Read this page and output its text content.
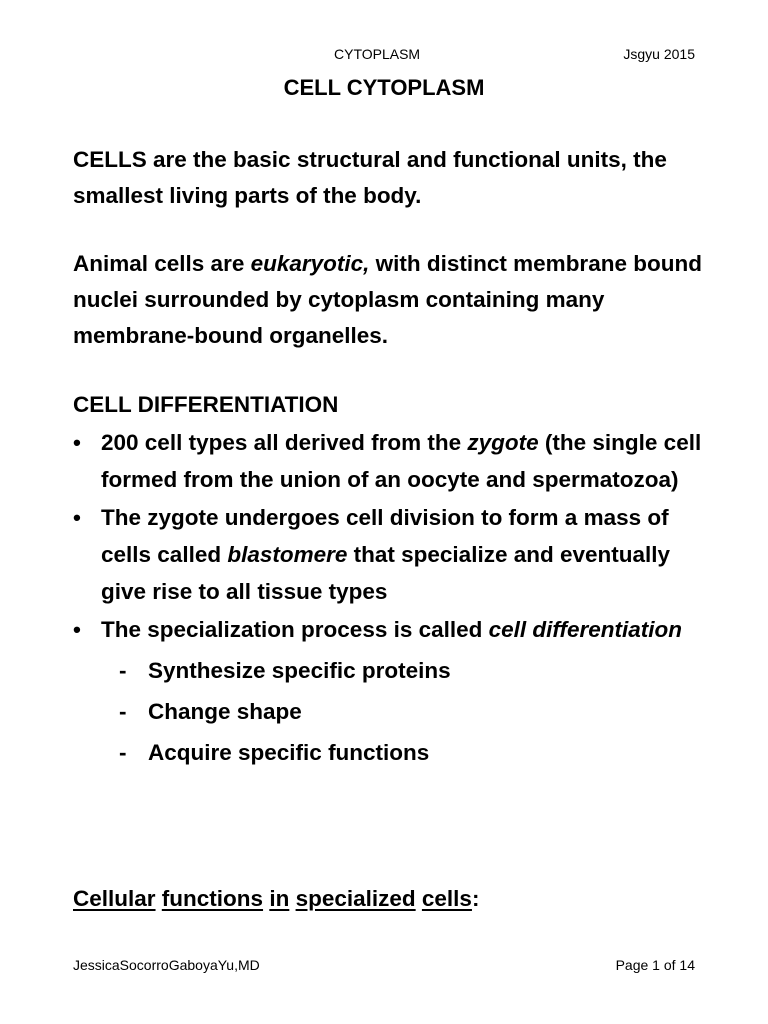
CYTOPLASM	Jsgyu 2015
CELL CYTOPLASM

CELLS are the basic structural and functional units, the smallest living parts of the body.

Animal cells are eukaryotic, with distinct membrane bound nuclei surrounded by cytoplasm containing many membrane-bound organelles.

CELL DIFFERENTIATION
• 200 cell types all derived from the zygote (the single cell formed from the union of an oocyte and spermatozoa)
• The zygote undergoes cell division to form a mass of cells called blastomere that specialize and eventually give rise to all tissue types
• The specialization process is called cell differentiation
- Synthesize specific proteins
- Change shape
- Acquire specific functions
Cellular functions in specialized cells:
JessicaSocorroGaboyaYu,MD	Page 1 of 14
